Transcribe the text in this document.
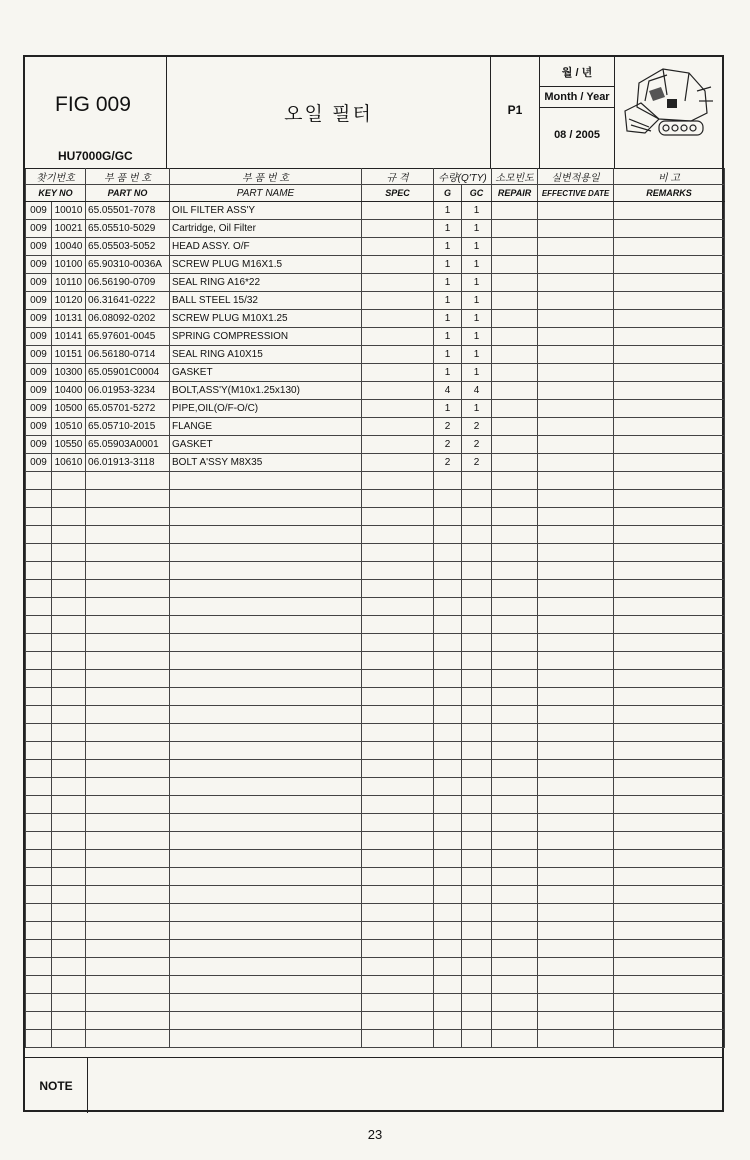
FIG 009
HU7000G/GC
오일 필터	P1
월 / 년
Month / Year
08 / 2005
찾기번호		부 품 번 호	부 품 번 호	규 격	수량(Q'TY)		소모빈도	실변적용일	비 고
KEY NO		PART NO	PART NAME	SPEC	G	GC	REPAIR	EFFECTIVE DATE	REMARKS
009	10010	65.05501-7078	OIL FILTER ASS'Y		1	1			
009	10021	65.05510-5029	Cartridge, Oil Filter		1	1			
009	10040	65.05503-5052	HEAD ASSY. O/F		1	1			
009	10100	65.90310-0036A	SCREW PLUG M16X1.5		1	1			
009	10110	06.56190-0709	SEAL RING A16*22		1	1			
009	10120	06.31641-0222	BALL STEEL 15/32		1	1			
009	10131	06.08092-0202	SCREW PLUG M10X1.25		1	1			
009	10141	65.97601-0045	SPRING COMPRESSION		1	1			
009	10151	06.56180-0714	SEAL RING A10X15		1	1			
009	10300	65.05901C0004	GASKET		1	1			
009	10400	06.01953-3234	BOLT,ASS'Y(M10x1.25x130)		4	4			
009	10500	65.05701-5272	PIPE,OIL(O/F-O/C)		1	1			
009	10510	65.05710-2015	FLANGE		2	2			
009	10550	65.05903A0001	GASKET		2	2			
009	10610	06.01913-3118	BOLT A'SSY M8X35		2	2			

NOTE
23
